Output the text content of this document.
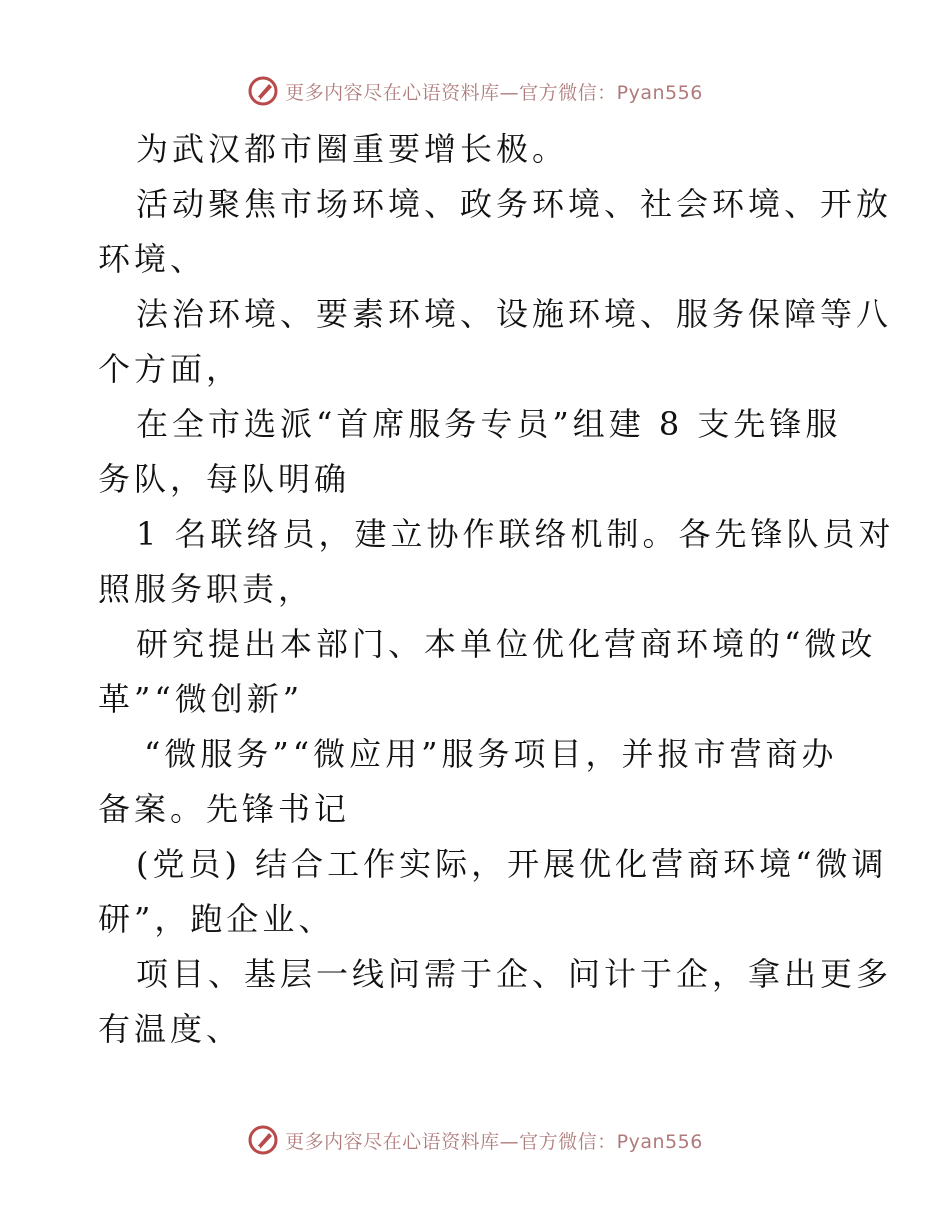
更多内容尽在心语资料库—官方微信：Pyan556
为武汉都市圈重要增长极。
活动聚焦市场环境、政务环境、社会环境、开放
环境、
法治环境、要素环境、设施环境、服务保障等八
个方面，
在全市选派“首席服务专员”组建 8 支先锋服
务队，每队明确
1 名联络员，建立协作联络机制。各先锋队员对
照服务职责，
研究提出本部门、本单位优化营商环境的“微改
革”“微创新”
“微服务”“微应用”服务项目，并报市营商办
备案。先锋书记
(党员) 结合工作实际，开展优化营商环境“微调
研”，跑企业、
项目、基层一线问需于企、问计于企，拿出更多
有温度、
更多内容尽在心语资料库—官方微信：Pyan556
